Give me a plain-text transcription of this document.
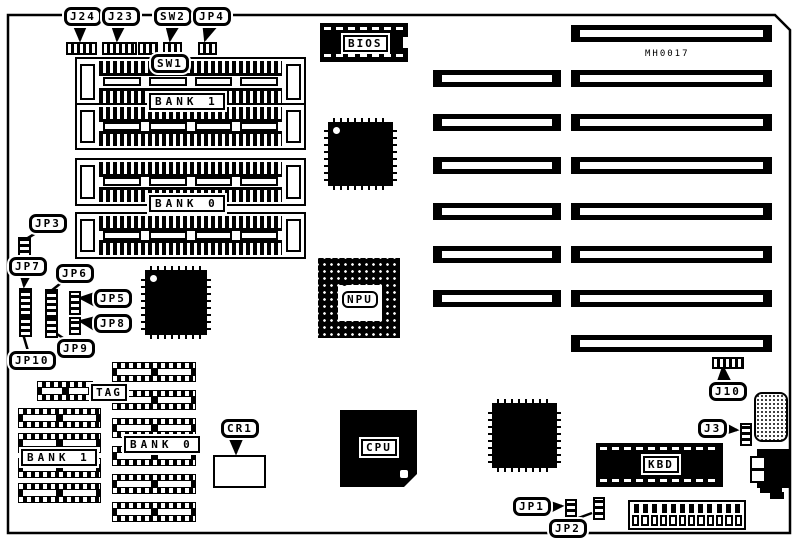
J24	J23	SW2	JP4
SW1
BANK 1
BANK 0
JP3
JP7
JP6
JP5
JP8
JP9
JP10
TAG
BANK 1
BANK 0
CR1
J10
J3
JP1
JP2
BIOS
NPU
CPU
KBD
MH0017
